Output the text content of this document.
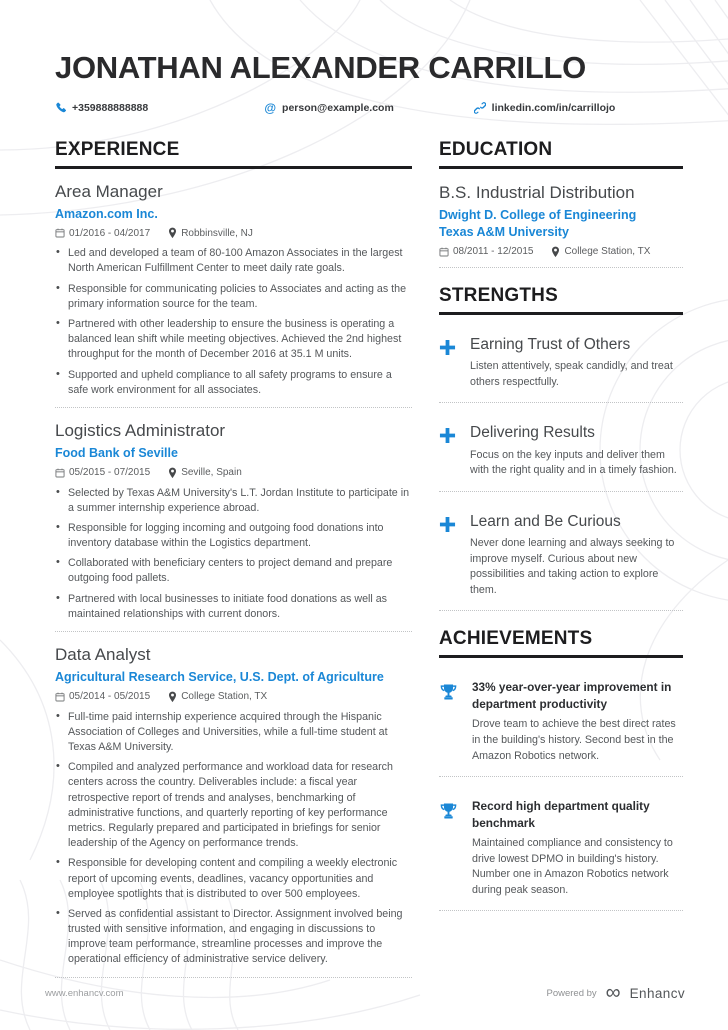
JONATHAN ALEXANDER CARRILLO
+359888888888	@ person@example.com	linkedin.com/in/carrillojo
EXPERIENCE
Area Manager
Amazon.com Inc.
01/2016 - 04/2017	Robbinsville, NJ
• Led and developed a team of 80-100 Amazon Associates in the largest North American Fulfillment Center to meet daily rate goals.
• Responsible for communicating policies to Associates and acting as the primary information source for the team.
• Partnered with other leadership to ensure the business is operating a balanced lean shift while meeting objectives. Achieved the 2nd highest throughput for the month of December 2016 at 35.1 M units.
• Supported and upheld compliance to all safety programs to ensure a safe work environment for all associates.
Logistics Administrator
Food Bank of Seville
05/2015 - 07/2015	Seville, Spain
• Selected by Texas A&M University's L.T. Jordan Institute to participate in a summer internship experience abroad.
• Responsible for logging incoming and outgoing food donations into inventory database within the Logistics department.
• Collaborated with beneficiary centers to project demand and prepare outgoing food pallets.
• Partnered with local businesses to initiate food donations as well as maintained relationships with current donors.
Data Analyst
Agricultural Research Service, U.S. Dept. of Agriculture
05/2014 - 05/2015	College Station, TX
• Full-time paid internship experience acquired through the Hispanic Association of Colleges and Universities, while a full-time student at Texas A&M University.
• Compiled and analyzed performance and workload data for research centers across the country. Deliverables include: a fiscal year retrospective report of trends and analyses, benchmarking of administrative functions, and quarterly reporting of key performance metrics. Regularly prepared and participated in briefings for senior leadership of the Agency on performance trends.
• Responsible for developing content and compiling a weekly electronic report of upcoming events, deadlines, vacancy opportunities and employee spotlights that is distributed to over 500 employees.
• Served as confidential assistant to Director. Assignment involved being trusted with sensitive information, and engaging in discussions to improve team performance, streamline processes and improve the operational efficiency of administrative service delivery.
EDUCATION
B.S. Industrial Distribution
Dwight D. College of Engineering
Texas A&M University
08/2011 - 12/2015	College Station, TX
STRENGTHS
Earning Trust of Others
Listen attentively, speak candidly, and treat others respectfully.
Delivering Results
Focus on the key inputs and deliver them with the right quality and in a timely fashion.
Learn and Be Curious
Never done learning and always seeking to improve myself. Curious about new possibilities and taking action to explore them.
ACHIEVEMENTS
33% year-over-year improvement in department productivity
Drove team to achieve the best direct rates in the building's history. Second best in the Amazon Robotics network.
Record high department quality benchmark
Maintained compliance and consistency to drive lowest DPMO in building's history. Number one in Amazon Robotics network during peak season.
www.enhancv.com	Powered by ∞ Enhancv
